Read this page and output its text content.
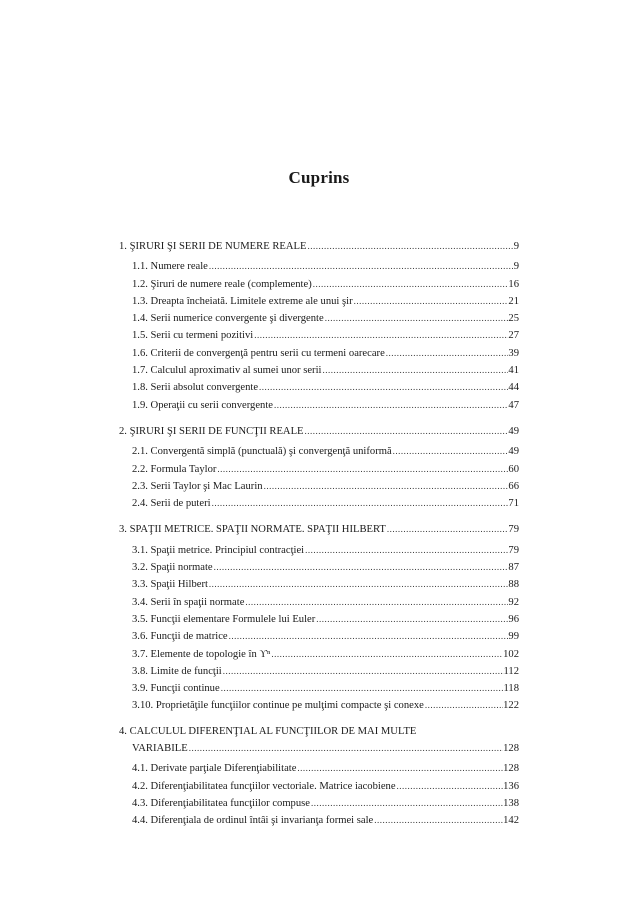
Cuprins
1. ŞIRURI ŞI SERII DE NUMERE REALE .....	9
1.1. Numere reale .....	9
1.2. Şiruri de numere reale (complemente) .....	16
1.3. Dreapta încheiată. Limitele extreme ale unui şir .....	21
1.4. Serii numerice convergente şi divergente .....	25
1.5. Serii cu termeni pozitivi .....	27
1.6. Criterii de convergenţă pentru serii cu termeni oarecare .....	39
1.7. Calculul aproximativ al sumei unor serii .....	41
1.8. Serii absolut convergente .....	44
1.9. Operaţii cu serii convergente .....	47
2. ŞIRURI ŞI SERII DE FUNCŢII REALE .....	49
2.1. Convergentă simplă (punctuală) şi convergenţă uniformă .....	49
2.2. Formula Taylor .....	60
2.3. Serii Taylor şi Mac Laurin .....	66
2.4. Serii de puteri .....	71
3. SPAŢII METRICE. SPAŢII NORMATE. SPAŢII HILBERT .....	79
3.1. Spaţii metrice. Principiul contracţiei .....	79
3.2. Spaţii normate .....	87
3.3. Spaţii Hilbert .....	88
3.4. Serii în spaţii normate .....	92
3.5. Funcţii elementare Formulele lui Euler .....	96
3.6. Funcţii de matrice .....	99
3.7. Elemente de topologie în ϒⁿ .....	102
3.8. Limite de funcţii .....	112
3.9. Funcţii continue .....	118
3.10. Proprietăţile funcţiilor continue pe mulţimi compacte şi conexe .....	122
4. CALCULUL DIFERENŢIAL AL FUNCŢIILOR DE MAI MULTE
VARIABILE .....	128
4.1. Derivate parţiale Diferenţiabilitate .....	128
4.2. Diferenţiabilitatea funcţiilor vectoriale. Matrice iacobiene .....	136
4.3. Diferenţiabilitatea funcţiilor compuse .....	138
4.4. Diferenţiala de ordinul întâi şi invarianţa formei sale .....	142
